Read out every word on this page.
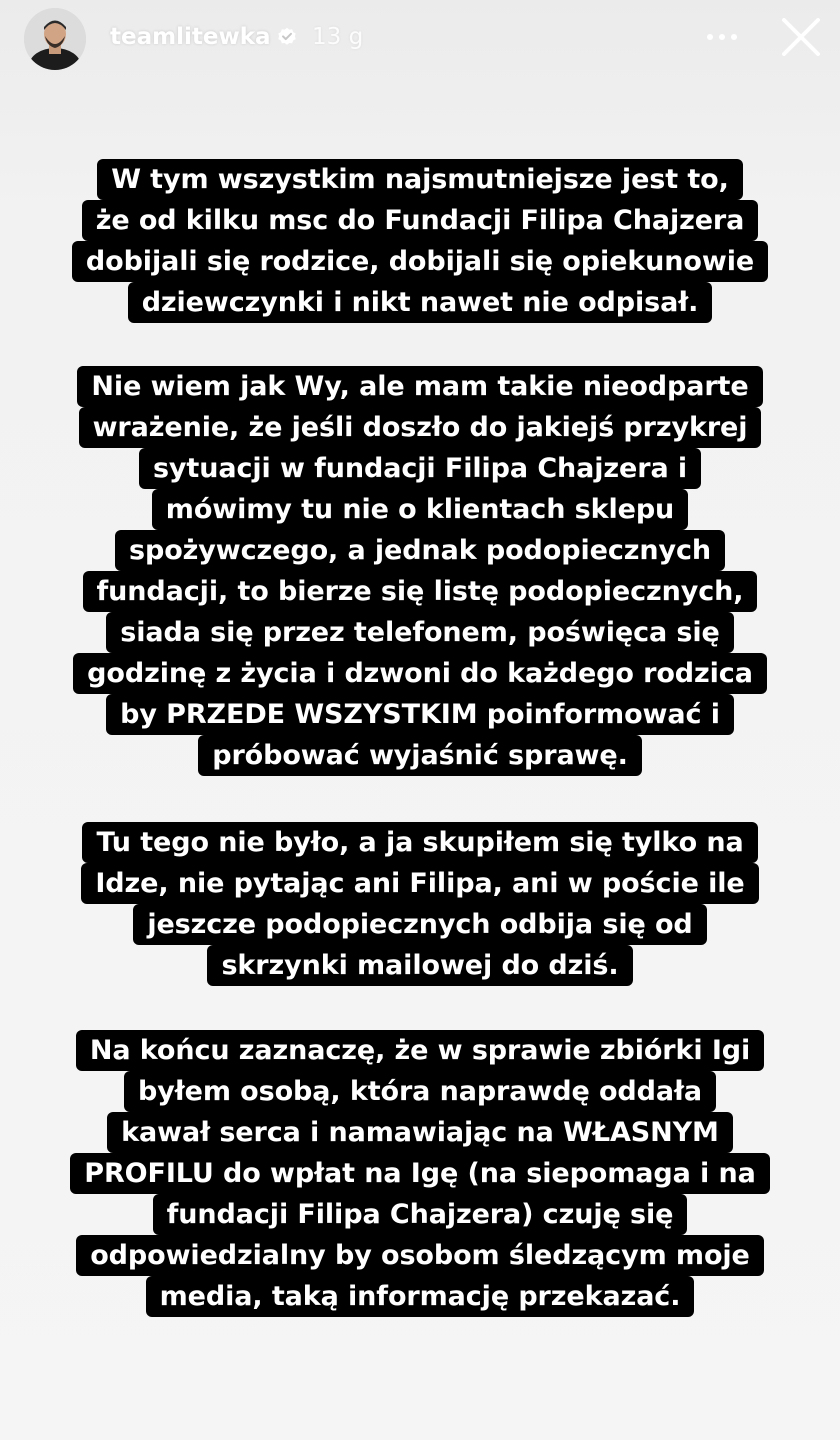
teamlitewka 13 g
W tym wszystkim najsmutniejsze jest to,
że od kilku msc do Fundacji Filipa Chajzera
dobijali się rodzice, dobijali się opiekunowie
dziewczynki i nikt nawet nie odpisał.
Nie wiem jak Wy, ale mam takie nieodparte
wrażenie, że jeśli doszło do jakiejś przykrej
sytuacji w fundacji Filipa Chajzera i
mówimy tu nie o klientach sklepu
spożywczego, a jednak podopiecznych
fundacji, to bierze się listę podopiecznych,
siada się przez telefonem, poświęca się
godzinę z życia i dzwoni do każdego rodzica
by PRZEDE WSZYSTKIM poinformować i
próbować wyjaśnić sprawę.
Tu tego nie było, a ja skupiłem się tylko na
Idze, nie pytając ani Filipa, ani w poście ile
jeszcze podopiecznych odbija się od
skrzynki mailowej do dziś.
Na końcu zaznaczę, że w sprawie zbiórki Igi
byłem osobą, która naprawdę oddała
kawał serca i namawiając na WŁASNYM
PROFILU do wpłat na Igę (na siepomaga i na
fundacji Filipa Chajzera) czuję się
odpowiedzialny by osobom śledzącym moje
media, taką informację przekazać.
